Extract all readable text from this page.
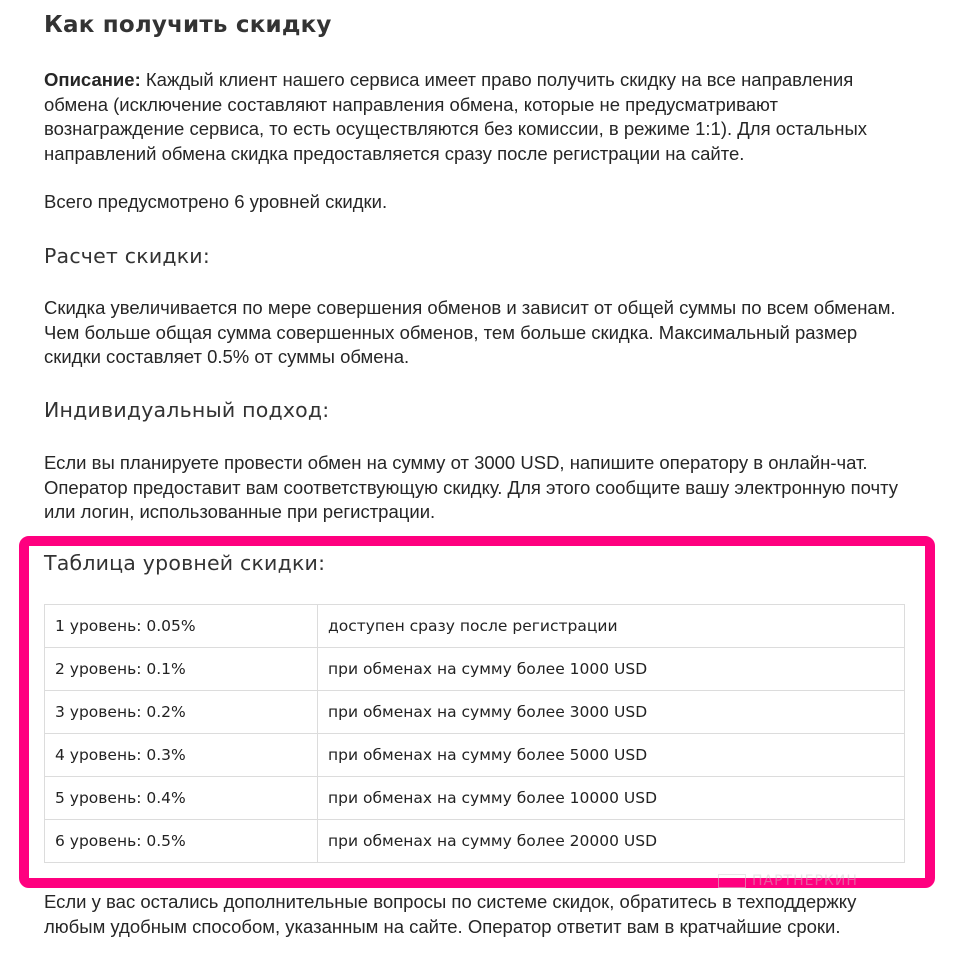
Как получить скидку
Описание: Каждый клиент нашего сервиса имеет право получить скидку на все направления обмена (исключение составляют направления обмена, которые не предусматривают вознаграждение сервиса, то есть осуществляются без комиссии, в режиме 1:1). Для остальных направлений обмена скидка предоставляется сразу после регистрации на сайте.
Всего предусмотрено 6 уровней скидки.
Расчет скидки:
Скидка увеличивается по мере совершения обменов и зависит от общей суммы по всем обменам. Чем больше общая сумма совершенных обменов, тем больше скидка. Максимальный размер скидки составляет 0.5% от суммы обмена.
Индивидуальный подход:
Если вы планируете провести обмен на сумму от 3000 USD, напишите оператору в онлайн-чат. Оператор предоставит вам соответствующую скидку. Для этого сообщите вашу электронную почту или логин, использованные при регистрации.
Таблица уровней скидки:
1 уровень: 0.05%	доступен сразу после регистрации
2 уровень: 0.1%	при обменах на сумму более 1000 USD
3 уровень: 0.2%	при обменах на сумму более 3000 USD
4 уровень: 0.3%	при обменах на сумму более 5000 USD
5 уровень: 0.4%	при обменах на сумму более 10000 USD
6 уровень: 0.5%	при обменах на сумму более 20000 USD
ПАРТНЕРКИН
Если у вас остались дополнительные вопросы по системе скидок, обратитесь в техподдержку любым удобным способом, указанным на сайте. Оператор ответит вам в кратчайшие сроки.
